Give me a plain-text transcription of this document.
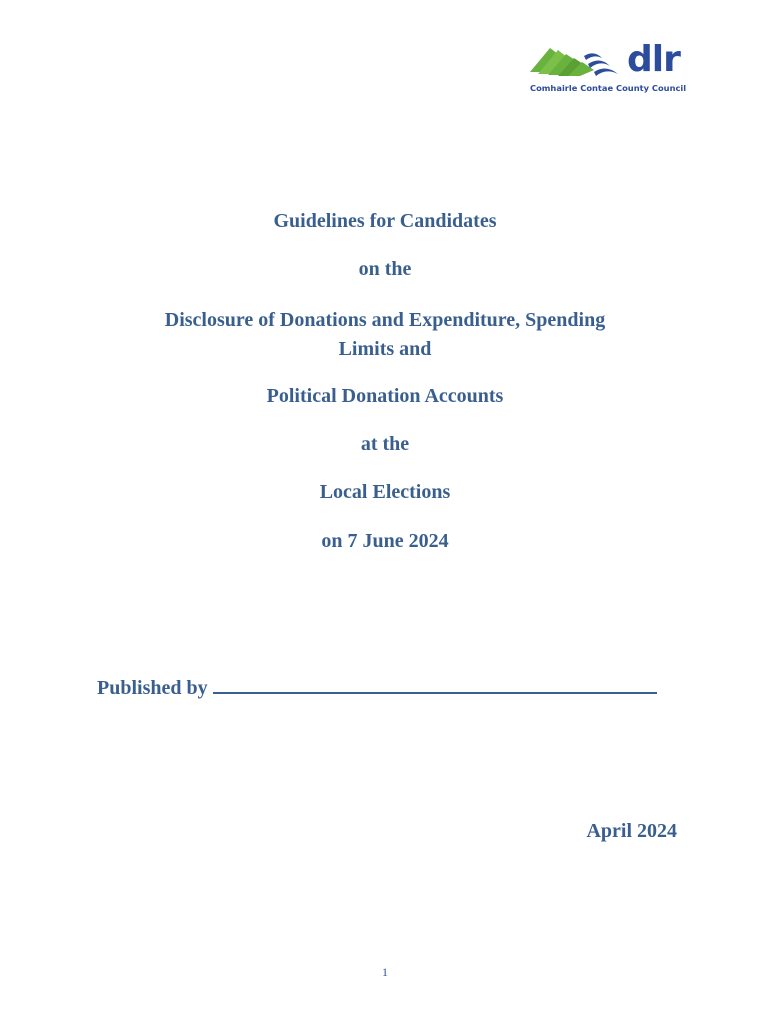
dlr
Comhairle Contae County Council
Guidelines for Candidates
on the
Disclosure of Donations and Expenditure, Spending
Limits and
Political Donation Accounts
at the
Local Elections
on 7 June 2024
Published by
April 2024
1
